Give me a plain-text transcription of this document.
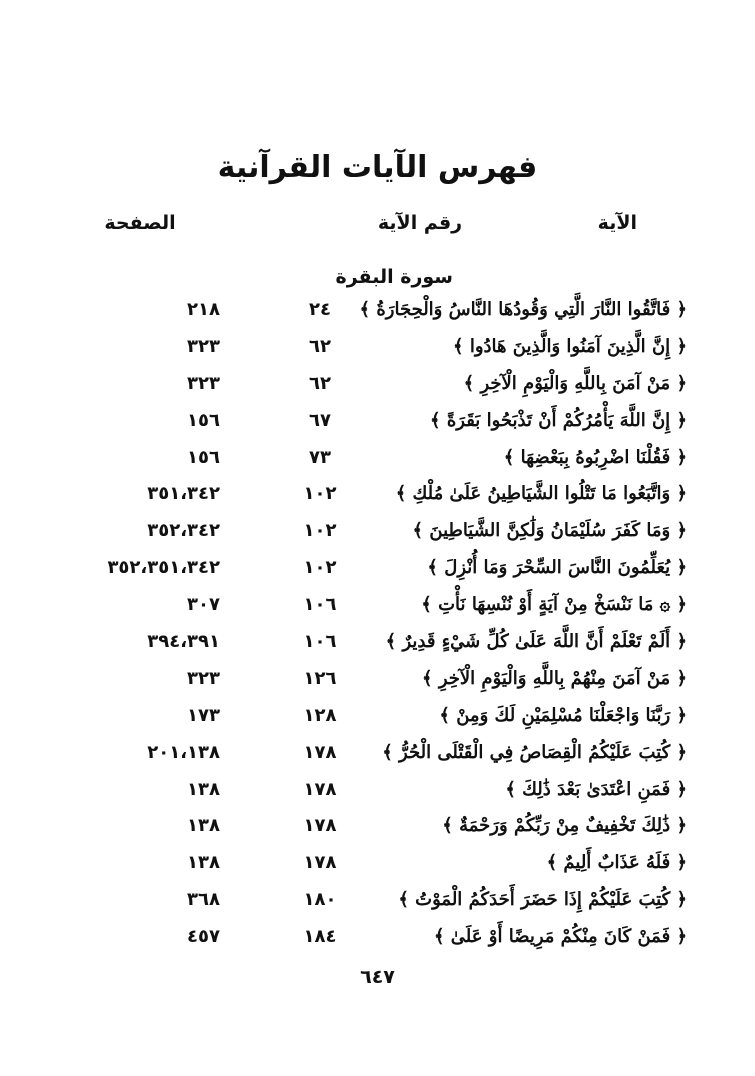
فهرس الآيات القرآنية
الآية
رقم الآية
الصفحة
سورة البقرة
﴿ فَاتَّقُوا النَّارَ الَّتِي وَقُودُهَا النَّاسُ وَالْحِجَارَةُ ﴾
٢٤
٢١٨
﴿ إِنَّ الَّذِينَ آمَنُوا وَالَّذِينَ هَادُوا ﴾
٦٢
٣٢٣
﴿ مَنْ آمَنَ بِاللَّهِ وَالْيَوْمِ الْآخِرِ ﴾
٦٢
٣٢٣
﴿ إِنَّ اللَّهَ يَأْمُرُكُمْ أَنْ تَذْبَحُوا بَقَرَةً ﴾
٦٧
١٥٦
﴿ فَقُلْنَا اضْرِبُوهُ بِبَعْضِهَا ﴾
٧٣
١٥٦
﴿ وَاتَّبَعُوا مَا تَتْلُوا الشَّيَاطِينُ عَلَىٰ مُلْكِ ﴾
١٠٢
٣٥١،٣٤٢
﴿ وَمَا كَفَرَ سُلَيْمَانُ وَلَٰكِنَّ الشَّيَاطِينَ ﴾
١٠٢
٣٥٢،٣٤٢
﴿ يُعَلِّمُونَ النَّاسَ السِّحْرَ وَمَا أُنْزِلَ ﴾
١٠٢
٣٥٢،٣٥١،٣٤٢
﴿ ۞ مَا نَنْسَخْ مِنْ آيَةٍ أَوْ نُنْسِهَا نَأْتِ ﴾
١٠٦
٣٠٧
﴿ أَلَمْ تَعْلَمْ أَنَّ اللَّهَ عَلَىٰ كُلِّ شَيْءٍ قَدِيرٌ ﴾
١٠٦
٣٩٤،٣٩١
﴿ مَنْ آمَنَ مِنْهُمْ بِاللَّهِ وَالْيَوْمِ الْآخِرِ ﴾
١٢٦
٣٢٣
﴿ رَبَّنَا وَاجْعَلْنَا مُسْلِمَيْنِ لَكَ وَمِنْ ﴾
١٢٨
١٧٣
﴿ كُتِبَ عَلَيْكُمُ الْقِصَاصُ فِي الْقَتْلَى الْحُرُّ ﴾
١٧٨
٢٠١،١٣٨
﴿ فَمَنِ اعْتَدَىٰ بَعْدَ ذَٰلِكَ ﴾
١٧٨
١٣٨
﴿ ذَٰلِكَ تَخْفِيفٌ مِنْ رَبِّكُمْ وَرَحْمَةٌ ﴾
١٧٨
١٣٨
﴿ فَلَهُ عَذَابٌ أَلِيمٌ ﴾
١٧٨
١٣٨
﴿ كُتِبَ عَلَيْكُمْ إِذَا حَضَرَ أَحَدَكُمُ الْمَوْتُ ﴾
١٨٠
٣٦٨
﴿ فَمَنْ كَانَ مِنْكُمْ مَرِيضًا أَوْ عَلَىٰ ﴾
١٨٤
٤٥٧
٦٤٧
